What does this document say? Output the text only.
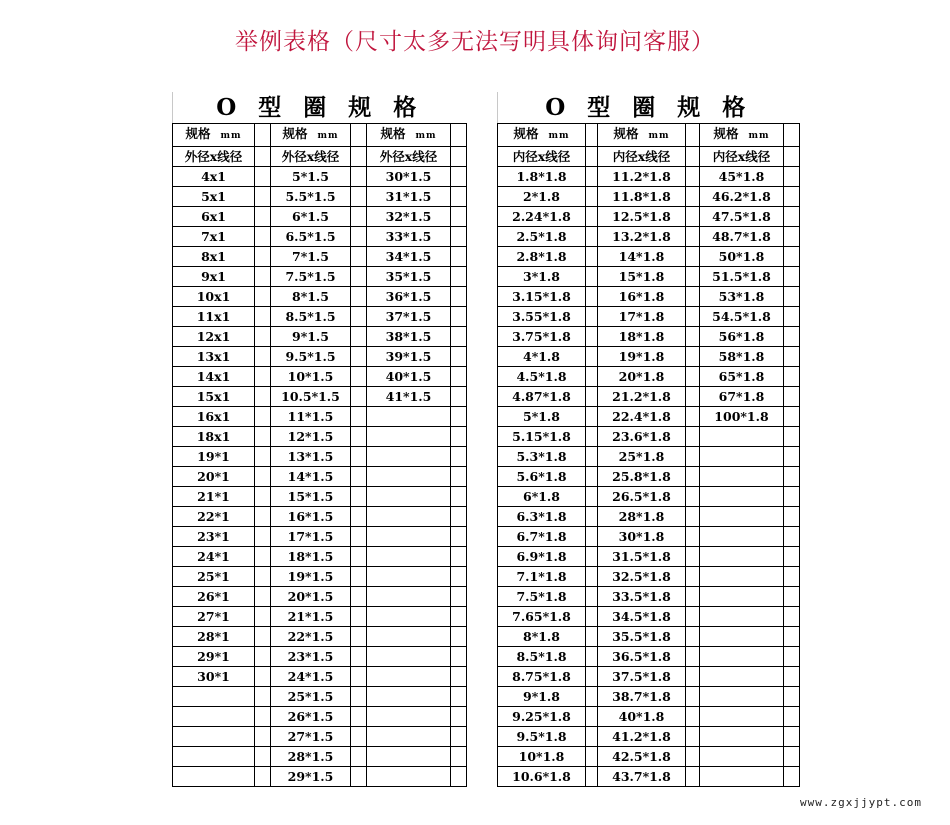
举例表格（尺寸太多无法写明具体询问客服）
O 型 圈 规 格					
规格 mm		规格 mm		规格 mm	
外径x线径		外径x线径		外径x线径	
4x1		5*1.5		30*1.5	
5x1		5.5*1.5		31*1.5	
6x1		6*1.5		32*1.5	
7x1		6.5*1.5		33*1.5	
8x1		7*1.5		34*1.5	
9x1		7.5*1.5		35*1.5	
10x1		8*1.5		36*1.5	
11x1		8.5*1.5		37*1.5	
12x1		9*1.5		38*1.5	
13x1		9.5*1.5		39*1.5	
14x1		10*1.5		40*1.5	
15x1		10.5*1.5		41*1.5	
16x1		11*1.5			
18x1		12*1.5			
19*1		13*1.5			
20*1		14*1.5			
21*1		15*1.5			
22*1		16*1.5			
23*1		17*1.5			
24*1		18*1.5			
25*1		19*1.5			
26*1		20*1.5			
27*1		21*1.5			
28*1		22*1.5			
29*1		23*1.5			
30*1		24*1.5			
		25*1.5			
		26*1.5			
		27*1.5			
		28*1.5			
		29*1.5			
O 型 圈 规 格					
规格 mm		规格 mm		规格 mm	
内径x线径		内径x线径		内径x线径	
1.8*1.8		11.2*1.8		45*1.8	
2*1.8		11.8*1.8		46.2*1.8	
2.24*1.8		12.5*1.8		47.5*1.8	
2.5*1.8		13.2*1.8		48.7*1.8	
2.8*1.8		14*1.8		50*1.8	
3*1.8		15*1.8		51.5*1.8	
3.15*1.8		16*1.8		53*1.8	
3.55*1.8		17*1.8		54.5*1.8	
3.75*1.8		18*1.8		56*1.8	
4*1.8		19*1.8		58*1.8	
4.5*1.8		20*1.8		65*1.8	
4.87*1.8		21.2*1.8		67*1.8	
5*1.8		22.4*1.8		100*1.8	
5.15*1.8		23.6*1.8			
5.3*1.8		25*1.8			
5.6*1.8		25.8*1.8			
6*1.8		26.5*1.8			
6.3*1.8		28*1.8			
6.7*1.8		30*1.8			
6.9*1.8		31.5*1.8			
7.1*1.8		32.5*1.8			
7.5*1.8		33.5*1.8			
7.65*1.8		34.5*1.8			
8*1.8		35.5*1.8			
8.5*1.8		36.5*1.8			
8.75*1.8		37.5*1.8			
9*1.8		38.7*1.8			
9.25*1.8		40*1.8			
9.5*1.8		41.2*1.8			
10*1.8		42.5*1.8			
10.6*1.8		43.7*1.8			
www.zgxjjypt.com
